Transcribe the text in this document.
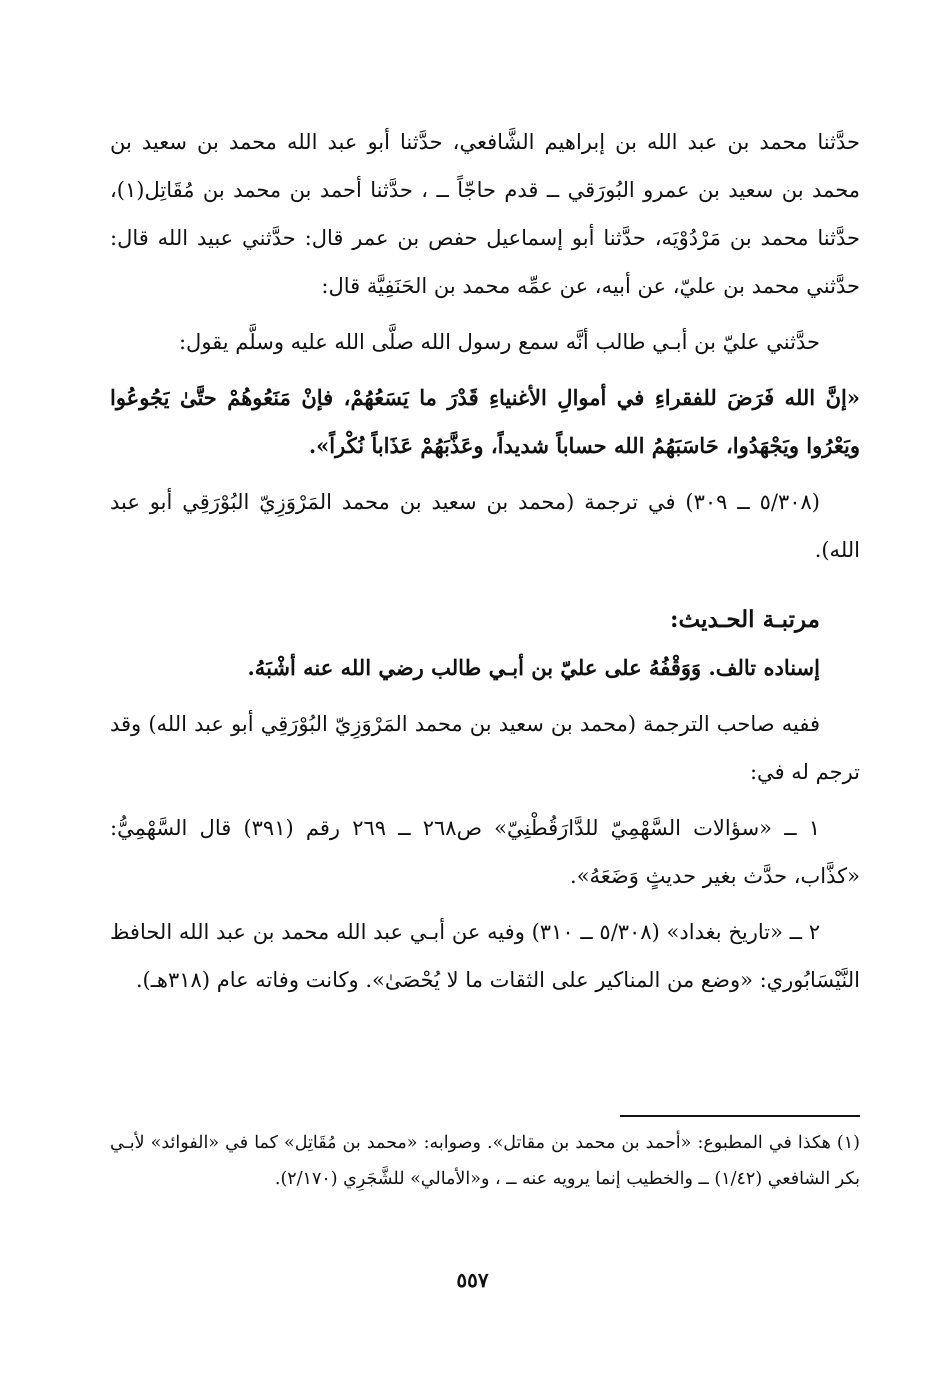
حدَّثنا محمد بن عبد الله بن إبراهيم الشَّافعي، حدَّثنا أبو عبد الله محمد بن سعيد بن محمد بن سعيد بن عمرو البُورَقي ــ قدم حاجّاً ــ ، حدَّثنا أحمد بن محمد بن مُقَاتِل(١)، حدَّثنا محمد بن مَرْدُوْيَه، حدَّثنا أبو إسماعيل حفص بن عمر قال: حدَّثني عبيد الله قال: حدَّثني محمد بن عليّ، عن أبيه، عن عمِّه محمد بن الحَنَفِيَّة قال:

حدَّثني عليّ بن أبـي طالب أنَّه سمع رسول الله صلَّى الله عليه وسلَّم يقول:

«إنَّ الله فَرَضَ للفقراءِ في أموالِ الأغنياءِ قَدْرَ ما يَسَعُهُمْ، فإنْ مَنَعُوهُمْ حتَّىٰ يَجُوعُوا ويَعْرُوا ويَجْهَدُوا، حَاسَبَهُمُ الله حساباً شديداً، وعَذَّبَهُمْ عَذَاباً نُكْراً».

(٥/٣٠٨ ــ ٣٠٩) في ترجمة (محمد بن سعيد بن محمد المَرْوَزِيّ البُوْرَقِي أبو عبد الله).

مرتبـة الحـديث:

إسناده تالف. وَوَقْفُهُ على عليّ بن أبـي طالب رضي الله عنه أشْبَهُ.

ففيه صاحب الترجمة (محمد بن سعيد بن محمد المَرْوَزِيّ البُوْرَقِي أبو عبد الله) وقد ترجم له في:

١ ــ «سؤالات السَّهْمِيّ للدَّارَقُطْنِيّ» ص٢٦٨ ــ ٢٦٩ رقم (٣٩١) قال السَّهْمِيُّ: «كذَّاب، حدَّث بغير حديثٍ وَضَعَهُ».

٢ ــ «تاريخ بغداد» (٥/٣٠٨ ــ ٣١٠) وفيه عن أبـي عبد الله محمد بن عبد الله الحافظ النَّيْسَابُوري: «وضع من المناكير على الثقات ما لا يُحْصَىٰ». وكانت وفاته عام (٣١٨هـ).

(١) هكذا في المطبوع: «أحمد بن محمد بن مقاتل». وصوابه: «محمد بن مُقَاتِل» كما في «الفوائد» لأبـي بكر الشافعي (١/٤٢) ــ والخطيب إنما يرويه عنه ــ ، و«الأمالي» للشَّجَرِي (٢/١٧٠).

٥٥٧
